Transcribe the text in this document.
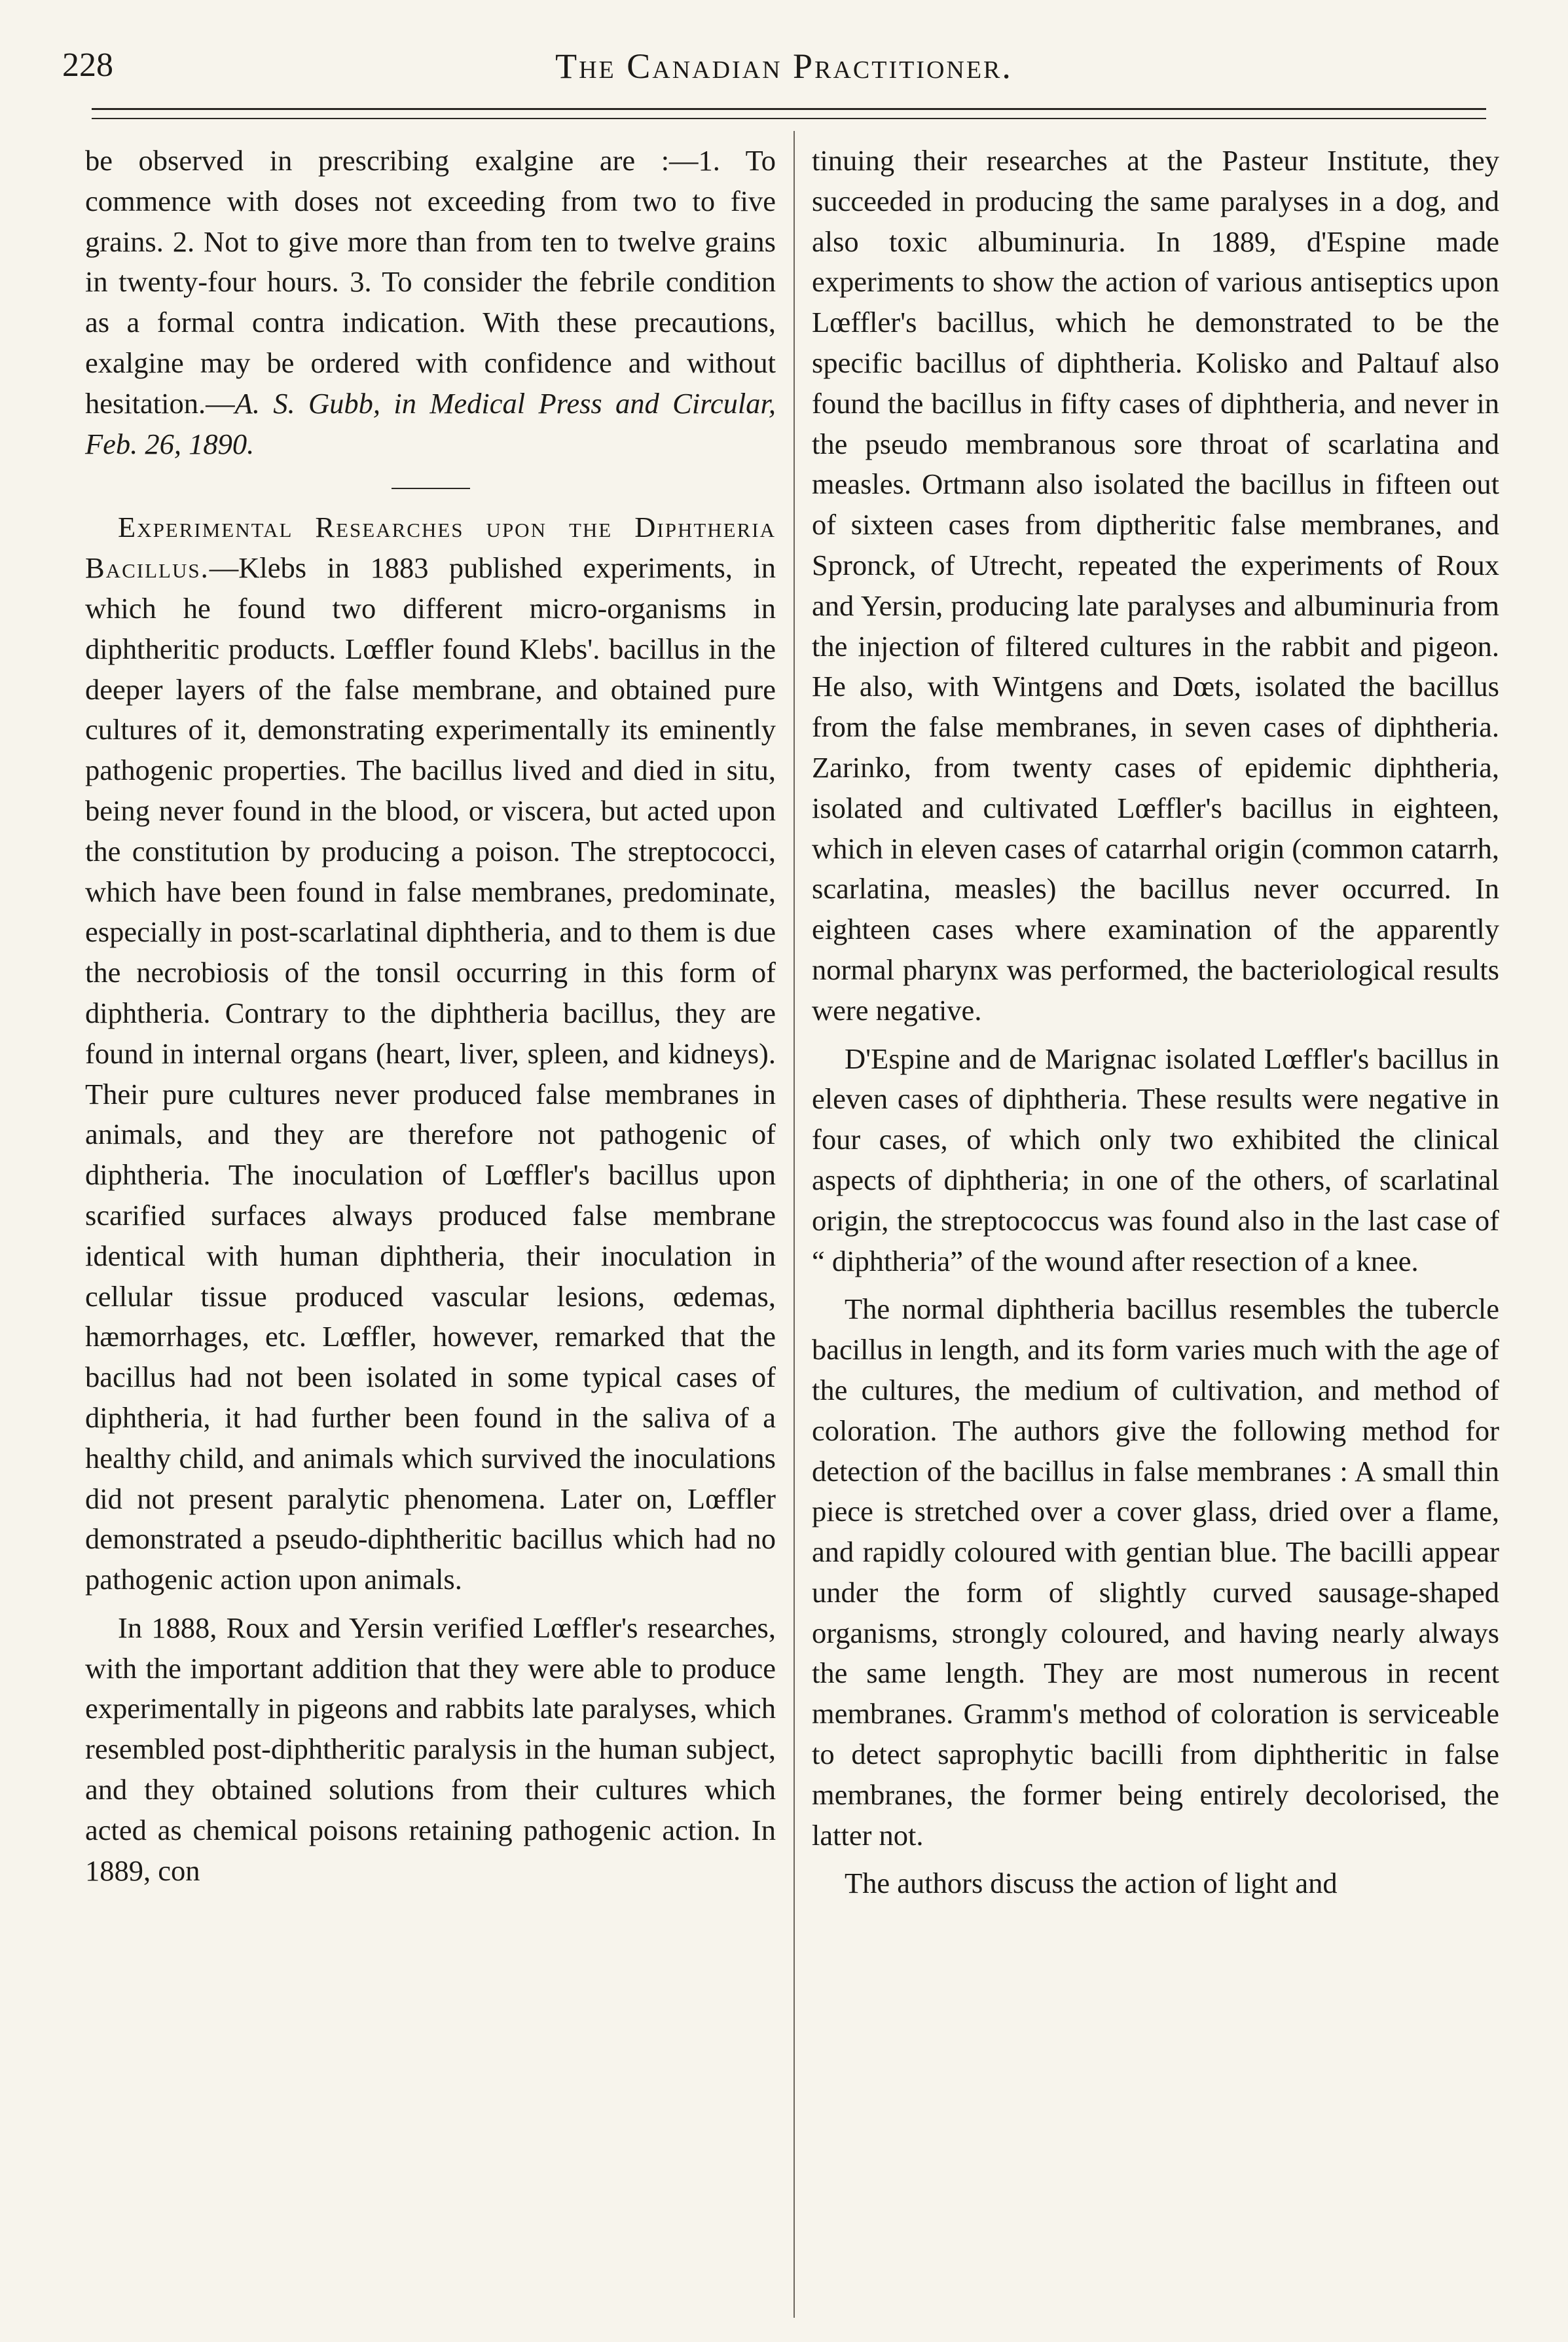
228	The Canadian Practitioner.

be observed in prescribing exalgine are :—1. To commence with doses not exceeding from two to five grains. 2. Not to give more than from ten to twelve grains in twenty-four hours. 3. To consider the febrile condition as a formal contra indication. With these precautions, exalgine may be ordered with confidence and without hesitation.—A. S. Gubb, in Medical Press and Circular, Feb. 26, 1890.

Experimental Researches upon the Diphtheria Bacillus.—Klebs in 1883 published experiments, in which he found two different micro-organisms in diphtheritic products. Lœffler found Klebs'. bacillus in the deeper layers of the false membrane, and obtained pure cultures of it, demonstrating experimentally its eminently pathogenic properties. The bacillus lived and died in situ, being never found in the blood, or viscera, but acted upon the constitution by producing a poison. The streptococci, which have been found in false membranes, predominate, especially in post-scarlatinal diphtheria, and to them is due the necrobiosis of the tonsil occurring in this form of diphtheria. Contrary to the diphtheria bacillus, they are found in internal organs (heart, liver, spleen, and kidneys). Their pure cultures never produced false membranes in animals, and they are therefore not pathogenic of diphtheria. The inoculation of Lœffler's bacillus upon scarified surfaces always produced false membrane identical with human diphtheria, their inoculation in cellular tissue produced vascular lesions, œdemas, hæmorrhages, etc. Lœffler, however, remarked that the bacillus had not been isolated in some typical cases of diphtheria, it had further been found in the saliva of a healthy child, and animals which survived the inoculations did not present paralytic phenomena. Later on, Lœffler demonstrated a pseudo-diphtheritic bacillus which had no pathogenic action upon animals.

In 1888, Roux and Yersin verified Lœffler's researches, with the important addition that they were able to produce experimentally in pigeons and rabbits late paralyses, which resembled post-diphtheritic paralysis in the human subject, and they obtained solutions from their cultures which acted as chemical poisons retaining pathogenic action. In 1889, con

tinuing their researches at the Pasteur Institute, they succeeded in producing the same paralyses in a dog, and also toxic albuminuria. In 1889, d'Espine made experiments to show the action of various antiseptics upon Lœffler's bacillus, which he demonstrated to be the specific bacillus of diphtheria. Kolisko and Paltauf also found the bacillus in fifty cases of diphtheria, and never in the pseudo membranous sore throat of scarlatina and measles. Ortmann also isolated the bacillus in fifteen out of sixteen cases from diptheritic false membranes, and Spronck, of Utrecht, repeated the experiments of Roux and Yersin, producing late paralyses and albuminuria from the injection of filtered cultures in the rabbit and pigeon. He also, with Wintgens and Dœts, isolated the bacillus from the false membranes, in seven cases of diphtheria. Zarinko, from twenty cases of epidemic diphtheria, isolated and cultivated Lœffler's bacillus in eighteen, which in eleven cases of catarrhal origin (common catarrh, scarlatina, measles) the bacillus never occurred. In eighteen cases where examination of the apparently normal pharynx was performed, the bacteriological results were negative.

D'Espine and de Marignac isolated Lœffler's bacillus in eleven cases of diphtheria. These results were negative in four cases, of which only two exhibited the clinical aspects of diphtheria; in one of the others, of scarlatinal origin, the streptococcus was found also in the last case of “ diphtheria” of the wound after resection of a knee.

The normal diphtheria bacillus resembles the tubercle bacillus in length, and its form varies much with the age of the cultures, the medium of cultivation, and method of coloration. The authors give the following method for detection of the bacillus in false membranes : A small thin piece is stretched over a cover glass, dried over a flame, and rapidly coloured with gentian blue. The bacilli appear under the form of slightly curved sausage-shaped organisms, strongly coloured, and having nearly always the same length. They are most numerous in recent membranes. Gramm's method of coloration is serviceable to detect saprophytic bacilli from diphtheritic in false membranes, the former being entirely decolorised, the latter not.

The authors discuss the action of light and
